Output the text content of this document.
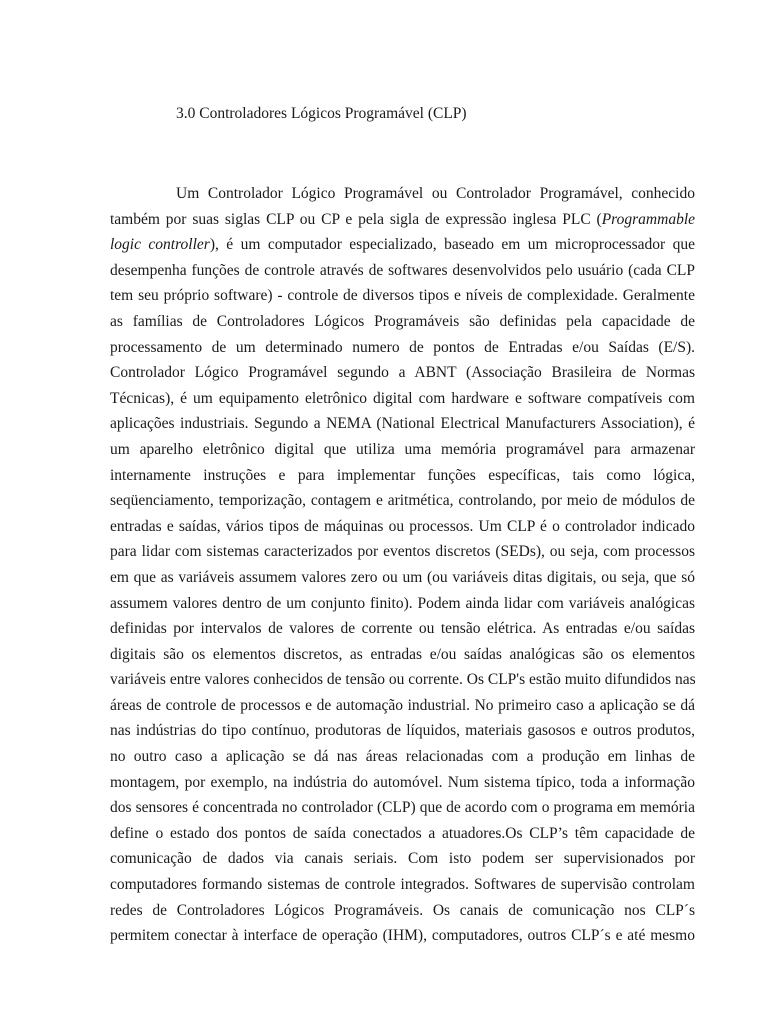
3.0 Controladores Lógicos Programável (CLP)
Um Controlador Lógico Programável ou Controlador Programável, conhecido
também por suas siglas CLP ou CP e pela sigla de expressão inglesa PLC (Programmable
logic controller), é um computador especializado, baseado em um microprocessador que
desempenha funções de controle através de softwares desenvolvidos pelo usuário (cada CLP
tem seu próprio software) - controle de diversos tipos e níveis de complexidade. Geralmente
as famílias de Controladores Lógicos Programáveis são definidas pela capacidade de
processamento de um determinado numero de pontos de Entradas e/ou Saídas (E/S).
Controlador Lógico Programável segundo a ABNT (Associação Brasileira de Normas
Técnicas), é um equipamento eletrônico digital com hardware e software compatíveis com
aplicações industriais. Segundo a NEMA (National Electrical Manufacturers Association), é
um aparelho eletrônico digital que utiliza uma memória programável para armazenar
internamente instruções e para implementar funções específicas, tais como lógica,
seqüenciamento, temporização, contagem e aritmética, controlando, por meio de módulos de
entradas e saídas, vários tipos de máquinas ou processos. Um CLP é o controlador indicado
para lidar com sistemas caracterizados por eventos discretos (SEDs), ou seja, com processos
em que as variáveis assumem valores zero ou um (ou variáveis ditas digitais, ou seja, que só
assumem valores dentro de um conjunto finito). Podem ainda lidar com variáveis analógicas
definidas por intervalos de valores de corrente ou tensão elétrica. As entradas e/ou saídas
digitais são os elementos discretos, as entradas e/ou saídas analógicas são os elementos
variáveis entre valores conhecidos de tensão ou corrente. Os CLP's estão muito difundidos nas
áreas de controle de processos e de automação industrial. No primeiro caso a aplicação se dá
nas indústrias do tipo contínuo, produtoras de líquidos, materiais gasosos e outros produtos,
no outro caso a aplicação se dá nas áreas relacionadas com a produção em linhas de
montagem, por exemplo, na indústria do automóvel. Num sistema típico, toda a informação
dos sensores é concentrada no controlador (CLP) que de acordo com o programa em memória
define o estado dos pontos de saída conectados a atuadores.Os CLP’s têm capacidade de
comunicação de dados via canais seriais. Com isto podem ser supervisionados por
computadores formando sistemas de controle integrados. Softwares de supervisão controlam
redes de Controladores Lógicos Programáveis. Os canais de comunicação nos CLP´s
permitem conectar à interface de operação (IHM), computadores, outros CLP´s e até mesmo
